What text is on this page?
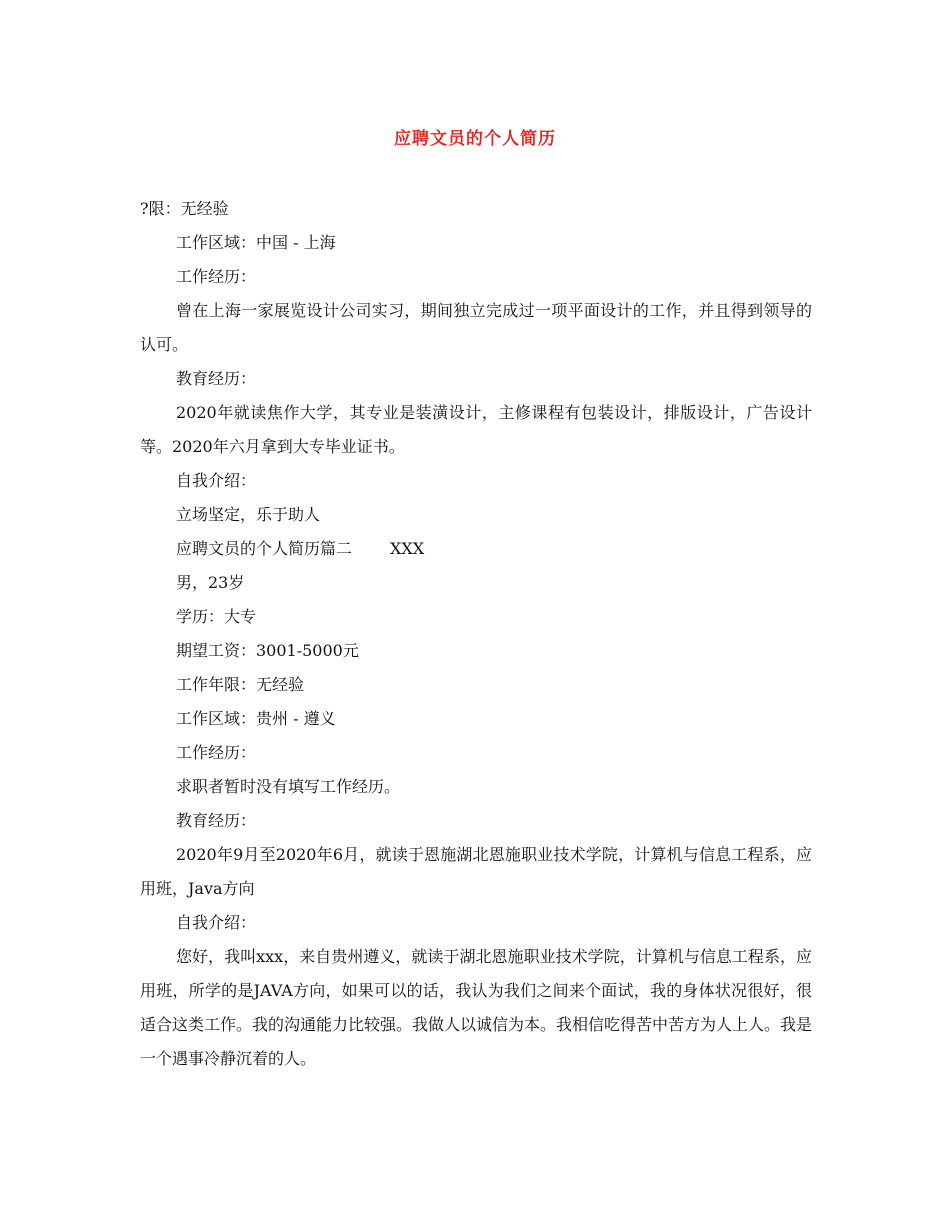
应聘文员的个人简历

?限：无经验

工作区域：中国 - 上海

工作经历：

曾在上海一家展览设计公司实习，期间独立完成过一项平面设计的工作，并且得到领导的认可。

教育经历：

2020年就读焦作大学，其专业是装潢设计，主修课程有包装设计，排版设计，广告设计等。2020年六月拿到大专毕业证书。

自我介绍：

立场坚定，乐于助人

应聘文员的个人简历篇二 XXX

男，23岁

学历：大专

期望工资：3001-5000元

工作年限：无经验

工作区域：贵州 - 遵义

工作经历：

求职者暂时没有填写工作经历。

教育经历：

2020年9月至2020年6月，就读于恩施湖北恩施职业技术学院，计算机与信息工程系，应用班，Java方向

自我介绍：

您好，我叫xxx，来自贵州遵义，就读于湖北恩施职业技术学院，计算机与信息工程系，应用班，所学的是JAVA方向，如果可以的话，我认为我们之间来个面试，我的身体状况很好，很适合这类工作。我的沟通能力比较强。我做人以诚信为本。我相信吃得苦中苦方为人上人。我是一个遇事冷静沉着的人。
